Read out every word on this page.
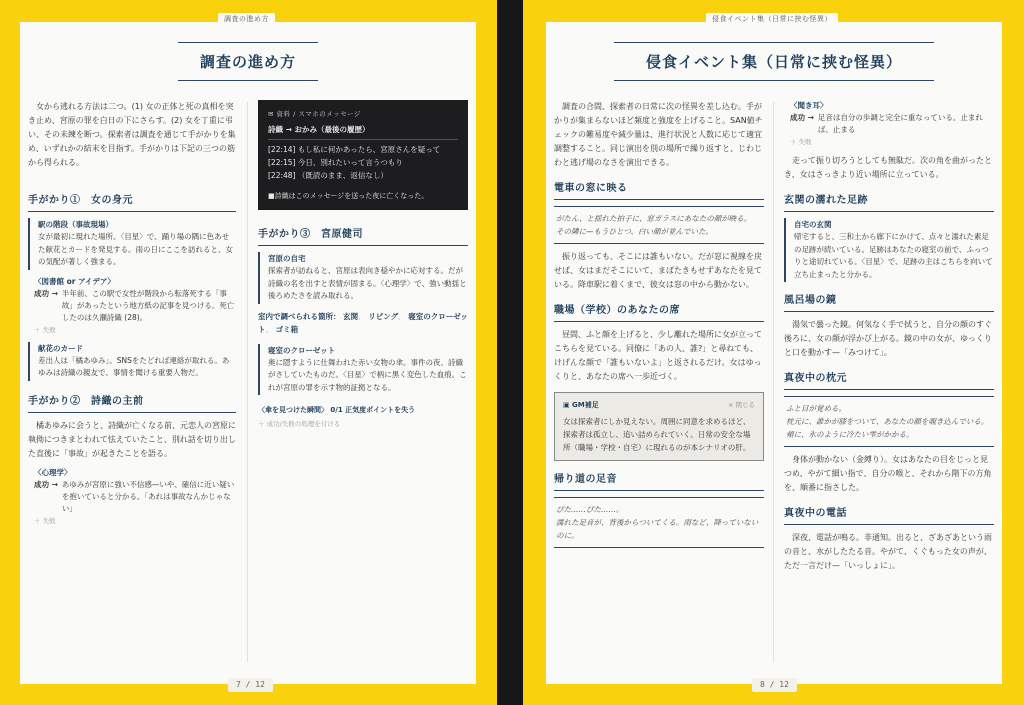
調査の進め方	侵食イベント集（日常に挟む怪異）
調査の進め方

女から逃れる方法は二つ。(1) 女の正体と死の真相を突き止め、宮原の罪を白日の下にさらす。(2) 女を丁重に弔い、その未練を断つ。探索者は調査を通じて手がかりを集め、いずれかの結末を目指す。手がかりは下記の三つの筋から得られる。

手がかり①　女の身元
駅の階段（事故現場）
女が最初に現れた場所。〈目星〉で、踊り場の隅に色あせた献花とカードを発見する。雨の日にここを訪れると、女の気配が著しく強まる。
〈図書館 or アイデア〉
成功 → 半年前、この駅で女性が階段から転落死する「事故」があったという地方紙の記事を見つける。死亡したのは久瀬詩織 (28)。
＋ 失敗
献花のカード
差出人は「橘あゆみ」。SNSをたどれば連絡が取れる。あゆみは詩織の親友で、事情を聞ける重要人物だ。
手がかり②　詩織の主前

橘あゆみに会うと、詩織が亡くなる前、元恋人の宮原に執拗につきまとわれて怯えていたこと、別れ話を切り出した直後に「事故」が起きたことを語る。

〈心理学〉
成功 → あゆみが宮原に強い不信感—いや、確信に近い疑いを抱いていると分かる。「あれは事故なんかじゃない」
＋ 失敗
✉ 資料 / スマホのメッセージ
詩織 → おかみ（最後の履歴）
[22:14] もし私に何かあったら、宮原さんを疑って
[22:15] 今日、別れたいって言うつもり
[22:48] （既読のまま、返信なし）
■詩織はこのメッセージを送った夜に亡くなった。
手がかり③　宮原健司
宮原の自宅
探索者が訪ねると、宮原は表向き穏やかに応対する。だが詩織の名を出すと表情が固まる。〈心理学〉で、強い動揺と後ろめたさを読み取れる。
室内で調べられる箇所： 玄関、 リビング、 寝室のクローゼット、 ゴミ箱
寝室のクローゼット
奥に隠すように仕舞われた赤い女物の傘。事件の夜、詩織がさしていたものだ。〈目星〉で柄に黒く変色した血痕。これが宮原の罪を示す物的証拠となる。
〈傘を見つけた瞬間〉 0/1 正気度ポイントを失う
＋ 成功/失敗の処理を付ける
侵食イベント集（日常に挟む怪異）

調査の合間、探索者の日常に次の怪異を差し込む。手がかりが集まらないほど頻度と強度を上げること。SAN値チェックの難易度や減少量は、進行状況と人数に応じて適宜調整すること。同じ演出を別の場所で繰り返すと、じわじわと逃げ場のなさを演出できる。

電車の窓に映る
がたん、と揺れた拍子に、窓ガラスにあなたの顔が映る。
その隣に—もうひとつ、白い顔が並んでいた。

振り返っても、そこには誰もいない。だが窓に視線を戻せば、女はまだそこにいて、まばたきもせずあなたを見ている。降車駅に着くまで、彼女は窓の中から動かない。

職場（学校）のあなたの席

昼間、ふと顔を上げると、少し離れた場所に女が立ってこちらを見ている。同僚に「あの人、誰?」と尋ねても、けげんな顔で「誰もいないよ」と返されるだけ。女はゆっくりと、あなたの席へ一歩近づく。

▣ GM補足	× 閉じる
女は探索者にしか見えない。周囲に同意を求めるほど、探索者は孤立し、追い詰められていく。日常の安全な場所（職場・学校・自宅）に現れるのが本シナリオの肝。
帰り道の足音
ぴた……ぴた……。
濡れた足音が、背後からついてくる。雨など、降っていないのに。
〈聞き耳〉
成功 → 足音は自分の歩調と完全に重なっている。止まれば、止まる
＋ 失敗

走って振り切ろうとしても無駄だ。次の角を曲がったとき、女はさっきより近い場所に立っている。

玄関の濡れた足跡
自宅の玄関
帰宅すると、三和土から廊下にかけて、点々と濡れた素足の足跡が続いている。足跡はあなたの寝室の前で、ふっつりと途切れている。〈目星〉で、足跡の主はこちらを向いて立ち止まったと分かる。
風呂場の鏡

湯気で曇った鏡。何気なく手で拭うと、自分の顔のすぐ後ろに、女の顔が浮かび上がる。鏡の中の女が、ゆっくりと口を動かす—「みつけて」。

真夜中の枕元
ふと目が覚める。
枕元に、誰かが膝をついて、あなたの顔を覗き込んでいる。
頬に、氷のように冷たい雫がかかる。

身体が動かない（金縛り）。女はあなたの目をじっと見つめ、やがて細い指で、自分の喉と、それから階下の方角を、順番に指さした。

真夜中の電話

深夜、電話が鳴る。非通知。出ると、ざあざあという雨の音と、水がしたたる音。やがて、くぐもった女の声が、ただ一言だけ—「いっしょに」。

7 / 12	8 / 12
